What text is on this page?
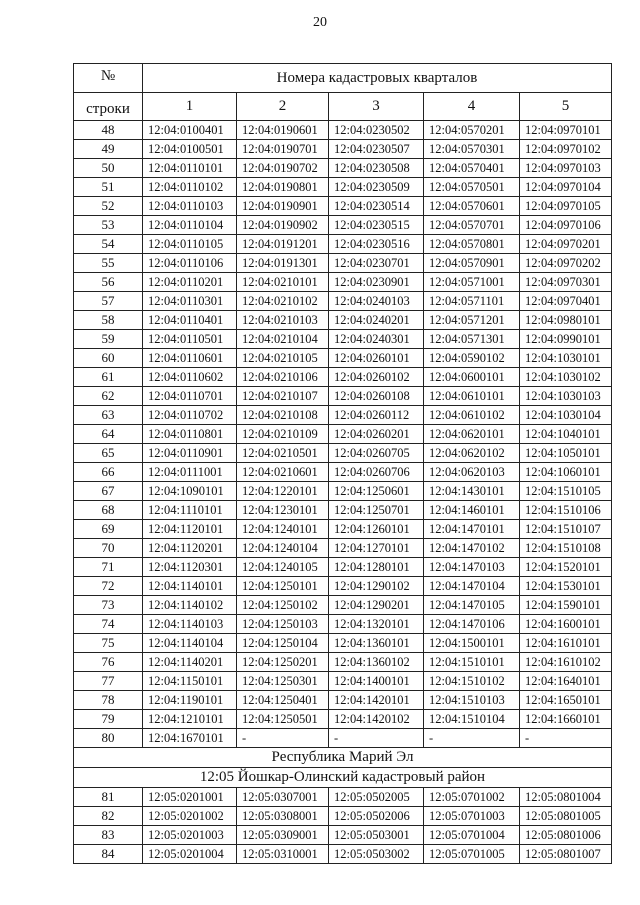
20
№	Номера кадастровых кварталов				
строки	1	2	3	4	5
48	12:04:0100401	12:04:0190601	12:04:0230502	12:04:0570201	12:04:0970101
49	12:04:0100501	12:04:0190701	12:04:0230507	12:04:0570301	12:04:0970102
50	12:04:0110101	12:04:0190702	12:04:0230508	12:04:0570401	12:04:0970103
51	12:04:0110102	12:04:0190801	12:04:0230509	12:04:0570501	12:04:0970104
52	12:04:0110103	12:04:0190901	12:04:0230514	12:04:0570601	12:04:0970105
53	12:04:0110104	12:04:0190902	12:04:0230515	12:04:0570701	12:04:0970106
54	12:04:0110105	12:04:0191201	12:04:0230516	12:04:0570801	12:04:0970201
55	12:04:0110106	12:04:0191301	12:04:0230701	12:04:0570901	12:04:0970202
56	12:04:0110201	12:04:0210101	12:04:0230901	12:04:0571001	12:04:0970301
57	12:04:0110301	12:04:0210102	12:04:0240103	12:04:0571101	12:04:0970401
58	12:04:0110401	12:04:0210103	12:04:0240201	12:04:0571201	12:04:0980101
59	12:04:0110501	12:04:0210104	12:04:0240301	12:04:0571301	12:04:0990101
60	12:04:0110601	12:04:0210105	12:04:0260101	12:04:0590102	12:04:1030101
61	12:04:0110602	12:04:0210106	12:04:0260102	12:04:0600101	12:04:1030102
62	12:04:0110701	12:04:0210107	12:04:0260108	12:04:0610101	12:04:1030103
63	12:04:0110702	12:04:0210108	12:04:0260112	12:04:0610102	12:04:1030104
64	12:04:0110801	12:04:0210109	12:04:0260201	12:04:0620101	12:04:1040101
65	12:04:0110901	12:04:0210501	12:04:0260705	12:04:0620102	12:04:1050101
66	12:04:0111001	12:04:0210601	12:04:0260706	12:04:0620103	12:04:1060101
67	12:04:1090101	12:04:1220101	12:04:1250601	12:04:1430101	12:04:1510105
68	12:04:1110101	12:04:1230101	12:04:1250701	12:04:1460101	12:04:1510106
69	12:04:1120101	12:04:1240101	12:04:1260101	12:04:1470101	12:04:1510107
70	12:04:1120201	12:04:1240104	12:04:1270101	12:04:1470102	12:04:1510108
71	12:04:1120301	12:04:1240105	12:04:1280101	12:04:1470103	12:04:1520101
72	12:04:1140101	12:04:1250101	12:04:1290102	12:04:1470104	12:04:1530101
73	12:04:1140102	12:04:1250102	12:04:1290201	12:04:1470105	12:04:1590101
74	12:04:1140103	12:04:1250103	12:04:1320101	12:04:1470106	12:04:1600101
75	12:04:1140104	12:04:1250104	12:04:1360101	12:04:1500101	12:04:1610101
76	12:04:1140201	12:04:1250201	12:04:1360102	12:04:1510101	12:04:1610102
77	12:04:1150101	12:04:1250301	12:04:1400101	12:04:1510102	12:04:1640101
78	12:04:1190101	12:04:1250401	12:04:1420101	12:04:1510103	12:04:1650101
79	12:04:1210101	12:04:1250501	12:04:1420102	12:04:1510104	12:04:1660101
80	12:04:1670101	-	-	-	-
Республика Марий Эл					
12:05 Йошкар-Олинский кадастровый район					
81	12:05:0201001	12:05:0307001	12:05:0502005	12:05:0701002	12:05:0801004
82	12:05:0201002	12:05:0308001	12:05:0502006	12:05:0701003	12:05:0801005
83	12:05:0201003	12:05:0309001	12:05:0503001	12:05:0701004	12:05:0801006
84	12:05:0201004	12:05:0310001	12:05:0503002	12:05:0701005	12:05:0801007
